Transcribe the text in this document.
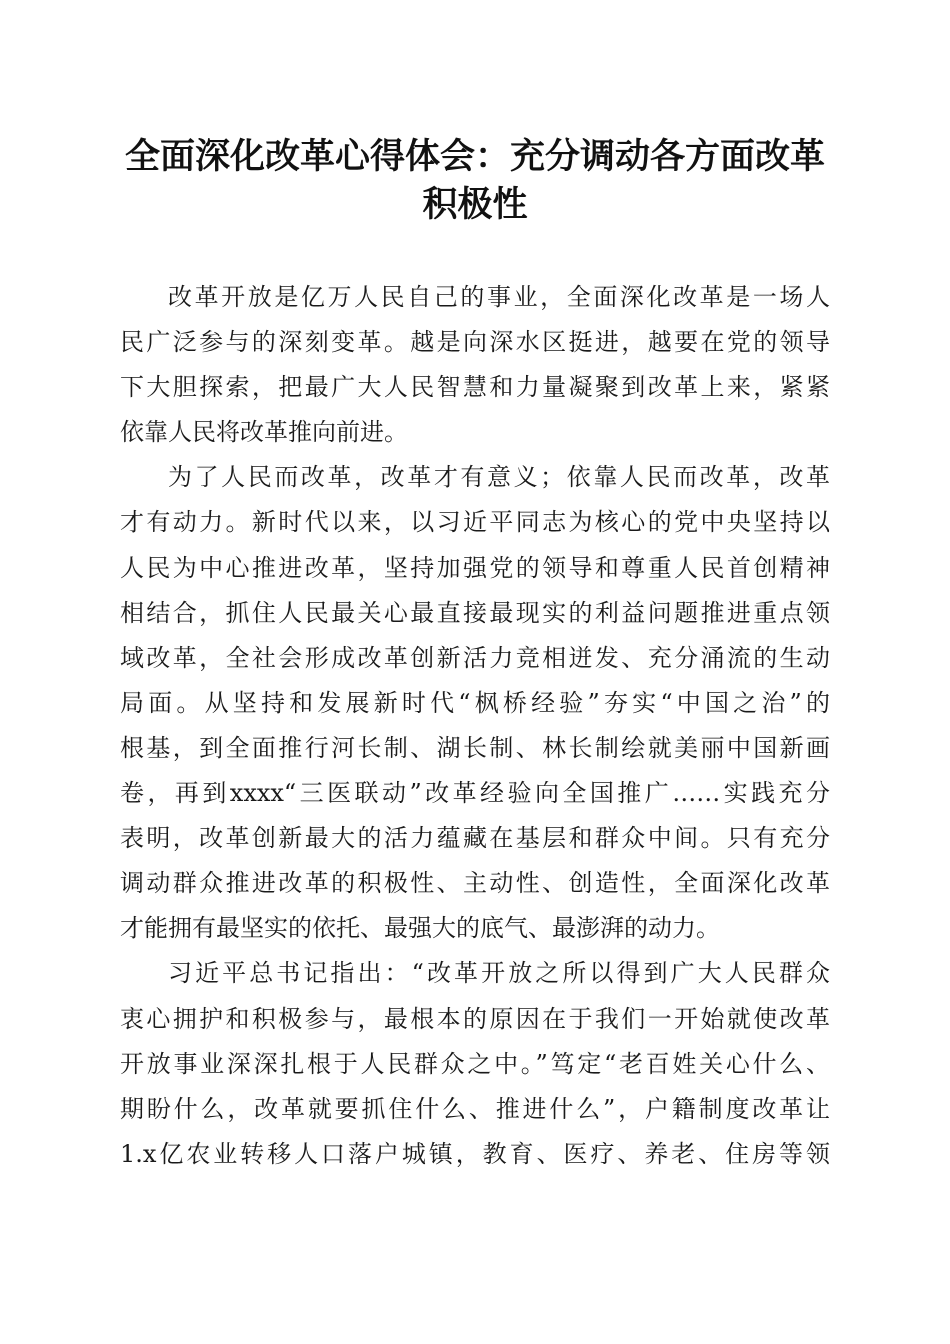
全面深化改革心得体会：充分调动各方面改革
积极性

改革开放是亿万人民自己的事业，全面深化改革是一场人
民广泛参与的深刻变革。越是向深水区挺进，越要在党的领导
下大胆探索，把最广大人民智慧和力量凝聚到改革上来，紧紧
依靠人民将改革推向前进。

为了人民而改革，改革才有意义；依靠人民而改革，改革
才有动力。新时代以来，以习近平同志为核心的党中央坚持以
人民为中心推进改革，坚持加强党的领导和尊重人民首创精神
相结合，抓住人民最关心最直接最现实的利益问题推进重点领
域改革，全社会形成改革创新活力竞相迸发、充分涌流的生动
局面。从坚持和发展新时代“枫桥经验”夯实“中国之治”的
根基，到全面推行河长制、湖长制、林长制绘就美丽中国新画
卷，再到xxxx“三医联动”改革经验向全国推广……实践充分
表明，改革创新最大的活力蕴藏在基层和群众中间。只有充分
调动群众推进改革的积极性、主动性、创造性，全面深化改革
才能拥有最坚实的依托、最强大的底气、最澎湃的动力。

习近平总书记指出：“改革开放之所以得到广大人民群众
衷心拥护和积极参与，最根本的原因在于我们一开始就使改革
开放事业深深扎根于人民群众之中。”笃定“老百姓关心什么、
期盼什么，改革就要抓住什么、推进什么”，户籍制度改革让
1.x亿农业转移人口落户城镇，教育、医疗、养老、住房等领
